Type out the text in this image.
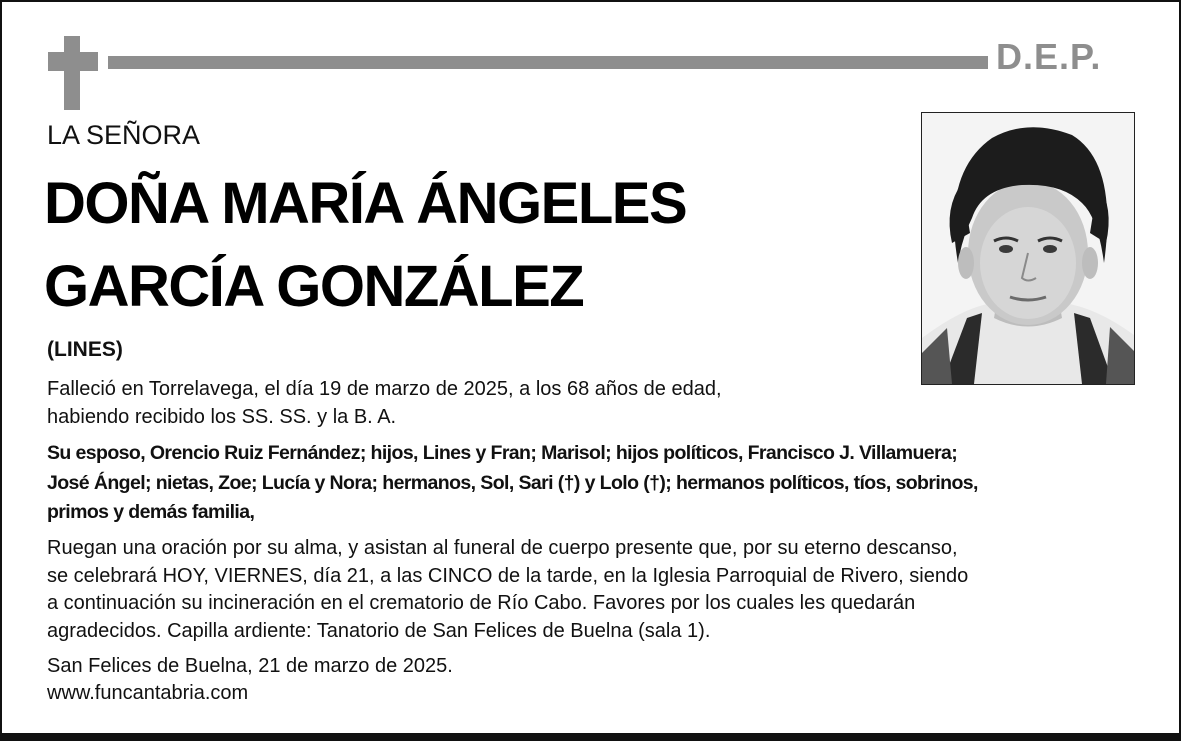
D.E.P.
LA SEÑORA
DOÑA MARÍA ÁNGELES
GARCÍA GONZÁLEZ
(LINES)
Falleció en Torrelavega, el día 19 de marzo de 2025, a los 68 años de edad,
habiendo recibido los SS. SS. y la B. A.
Su esposo, Orencio Ruiz Fernández; hijos, Lines y Fran; Marisol; hijos políticos, Francisco J. Villamuera;
José Ángel; nietas, Zoe; Lucía y Nora; hermanos, Sol, Sari (†) y Lolo (†); hermanos políticos, tíos, sobrinos,
primos y demás familia,
Ruegan una oración por su alma, y asistan al funeral de cuerpo presente que, por su eterno descanso,
se celebrará HOY, VIERNES, día 21, a las CINCO de la tarde, en la Iglesia Parroquial de Rivero, siendo
a continuación su incineración en el crematorio de Río Cabo. Favores por los cuales les quedarán
agradecidos. Capilla ardiente: Tanatorio de San Felices de Buelna (sala 1).
San Felices de Buelna, 21 de marzo de 2025.
www.funcantabria.com
